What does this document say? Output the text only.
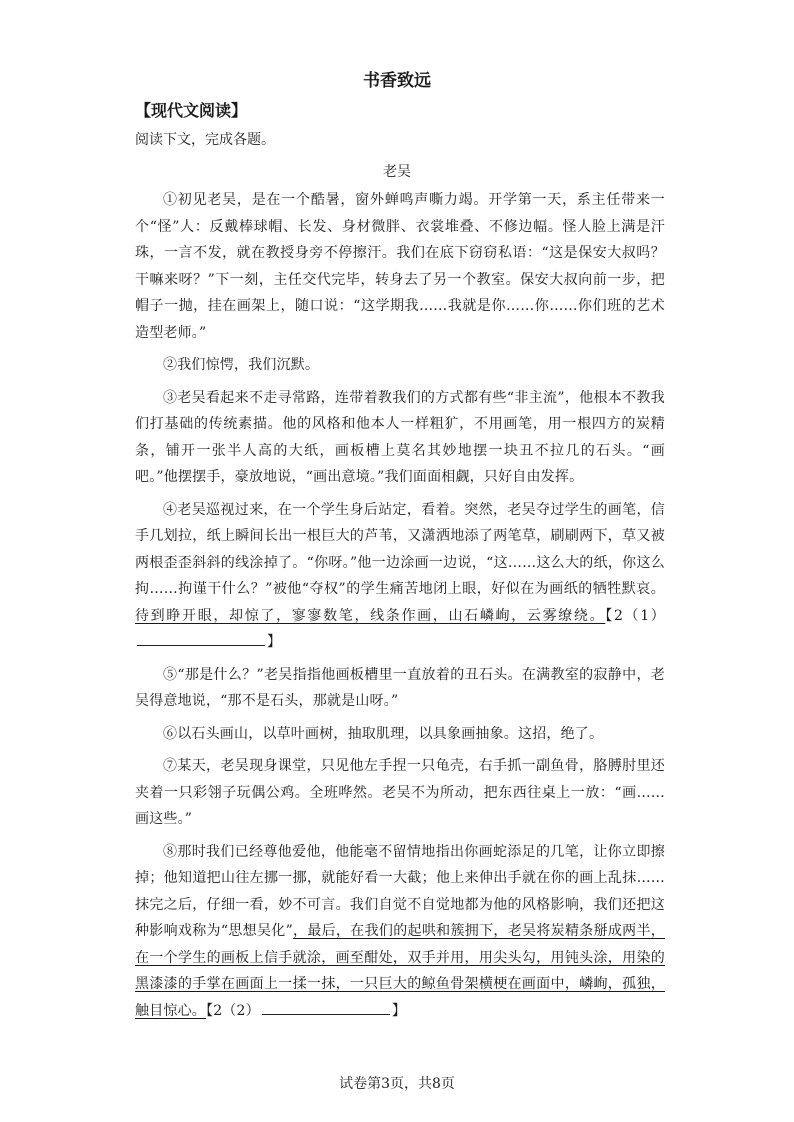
书香致远
【现代文阅读】
阅读下文，完成各题。
老吴

①初见老吴，是在一个酷暑，窗外蝉鸣声嘶力竭。开学第一天，系主任带来一个“怪”人：反戴棒球帽、长发、身材微胖、衣裳堆叠、不修边幅。怪人脸上满是汗珠，一言不发，就在教授身旁不停擦汗。我们在底下窃窃私语：“这是保安大叔吗？干嘛来呀？”下一刻，主任交代完毕，转身去了另一个教室。保安大叔向前一步，把帽子一抛，挂在画架上，随口说：“这学期我……我就是你……你……你们班的艺术造型老师。”

②我们惊愕，我们沉默。

③老吴看起来不走寻常路，连带着教我们的方式都有些“非主流”，他根本不教我们打基础的传统素描。他的风格和他本人一样粗犷，不用画笔，用一根四方的炭精条，铺开一张半人高的大纸，画板槽上莫名其妙地摆一块丑不拉几的石头。“画吧。”他摆摆手，豪放地说，“画出意境。”我们面面相觑，只好自由发挥。

④老吴巡视过来，在一个学生身后站定，看着。突然，老吴夺过学生的画笔，信手几划拉，纸上瞬间长出一根巨大的芦苇，又潇洒地添了两笔草，刷刷两下，草又被两根歪歪斜斜的线涂掉了。“你呀。”他一边涂画一边说，“这……这么大的纸，你这么拘……拘谨干什么？”被他“夺权”的学生痛苦地闭上眼，好似在为画纸的牺牲默哀。待到睁开眼，却惊了，寥寥数笔，线条作画，山石嶙峋，云雾缭绕。【2（1）】

⑤“那是什么？”老吴指指他画板槽里一直放着的丑石头。在满教室的寂静中，老吴得意地说，“那不是石头，那就是山呀。”

⑥以石头画山，以草叶画树，抽取肌理，以具象画抽象。这招，绝了。

⑦某天，老吴现身课堂，只见他左手捏一只龟壳，右手抓一副鱼骨，胳膊肘里还夹着一只彩翎子玩偶公鸡。全班哗然。老吴不为所动，把东西往桌上一放：“画……画这些。”

⑧那时我们已经尊他爱他，他能毫不留情地指出你画蛇添足的几笔，让你立即擦掉；他知道把山往左挪一挪，就能好看一大截；他上来伸出手就在你的画上乱抹……抹完之后，仔细一看，妙不可言。我们自觉不自觉地都为他的风格影响，我们还把这种影响戏称为“思想吴化”，最后，在我们的起哄和簇拥下，老吴将炭精条掰成两半，在一个学生的画板上信手就涂，画至酣处，双手并用，用尖头勾，用钝头涂，用染的黑漆漆的手掌在画面上一揉一抹，一只巨大的鲸鱼骨架横梗在画面中，嶙峋，孤独，触目惊心。【2（2）	】

试卷第3页，共8页
